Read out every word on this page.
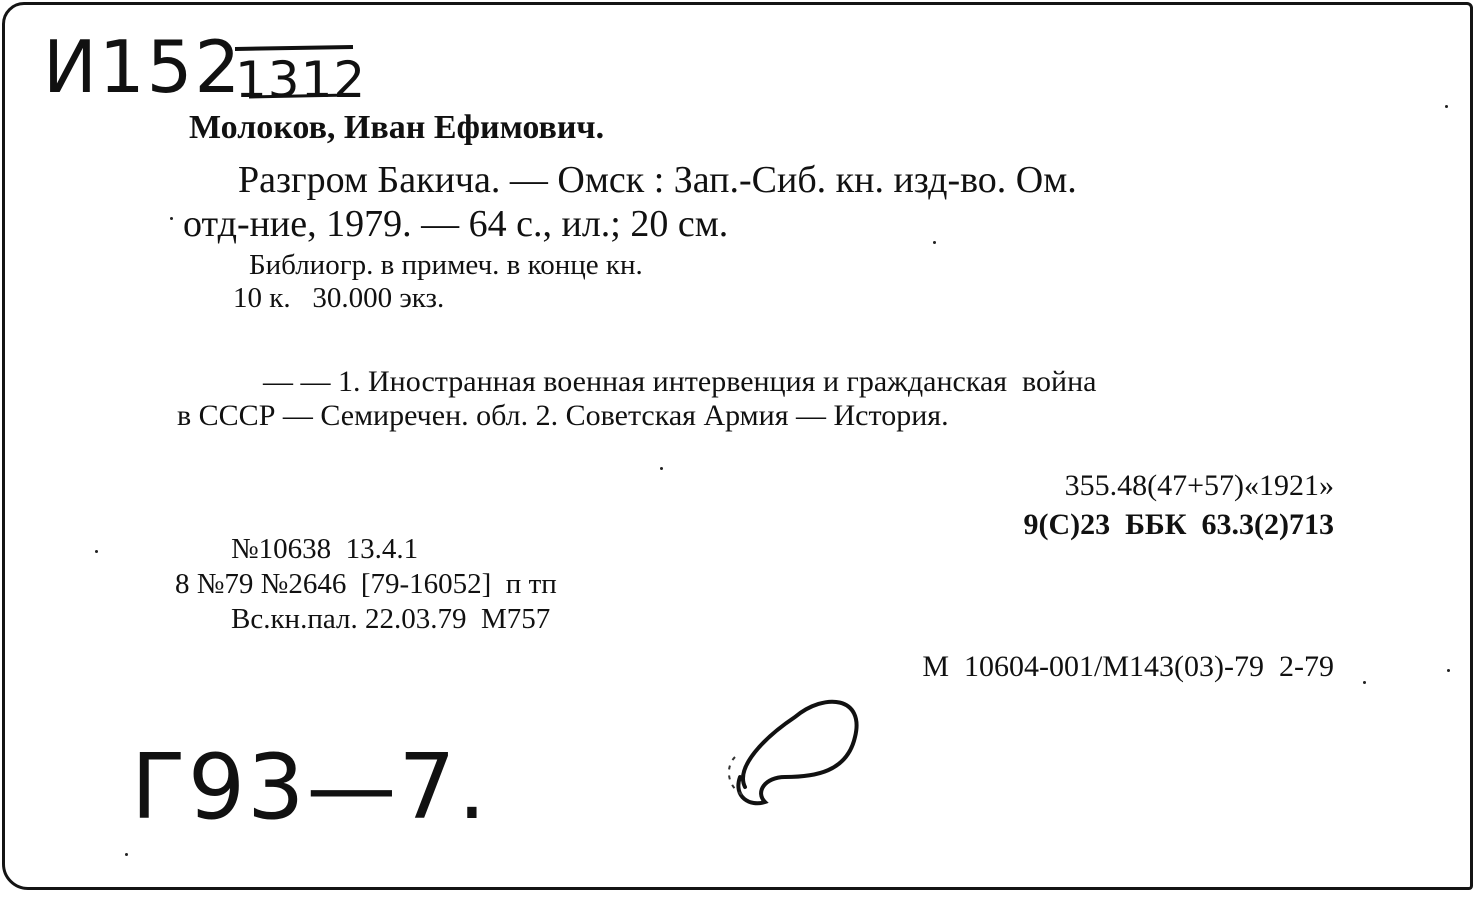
И152
1312
Молоков, Иван Ефимович.
Разгром Бакича. — Омск : Зап.-Сиб. кн. изд-во. Ом.
отд-ние, 1979. — 64 с., ил.; 20 см.
Библиогр. в примеч. в конце кн.
10 к.   30.000 экз.
— — 1. Иностранная военная интервенция и гражданская  война
в СССР — Семиречен. обл. 2. Советская Армия — История.
355.48(47+57)«1921»
9(С)23  ББК  63.3(2)713
№10638  13.4.1
8 №79 №2646  [79-16052]  п тп
Вс.кн.пал. 22.03.79  М757
М  10604-001/М143(03)-79  2-79
Г93—7.
